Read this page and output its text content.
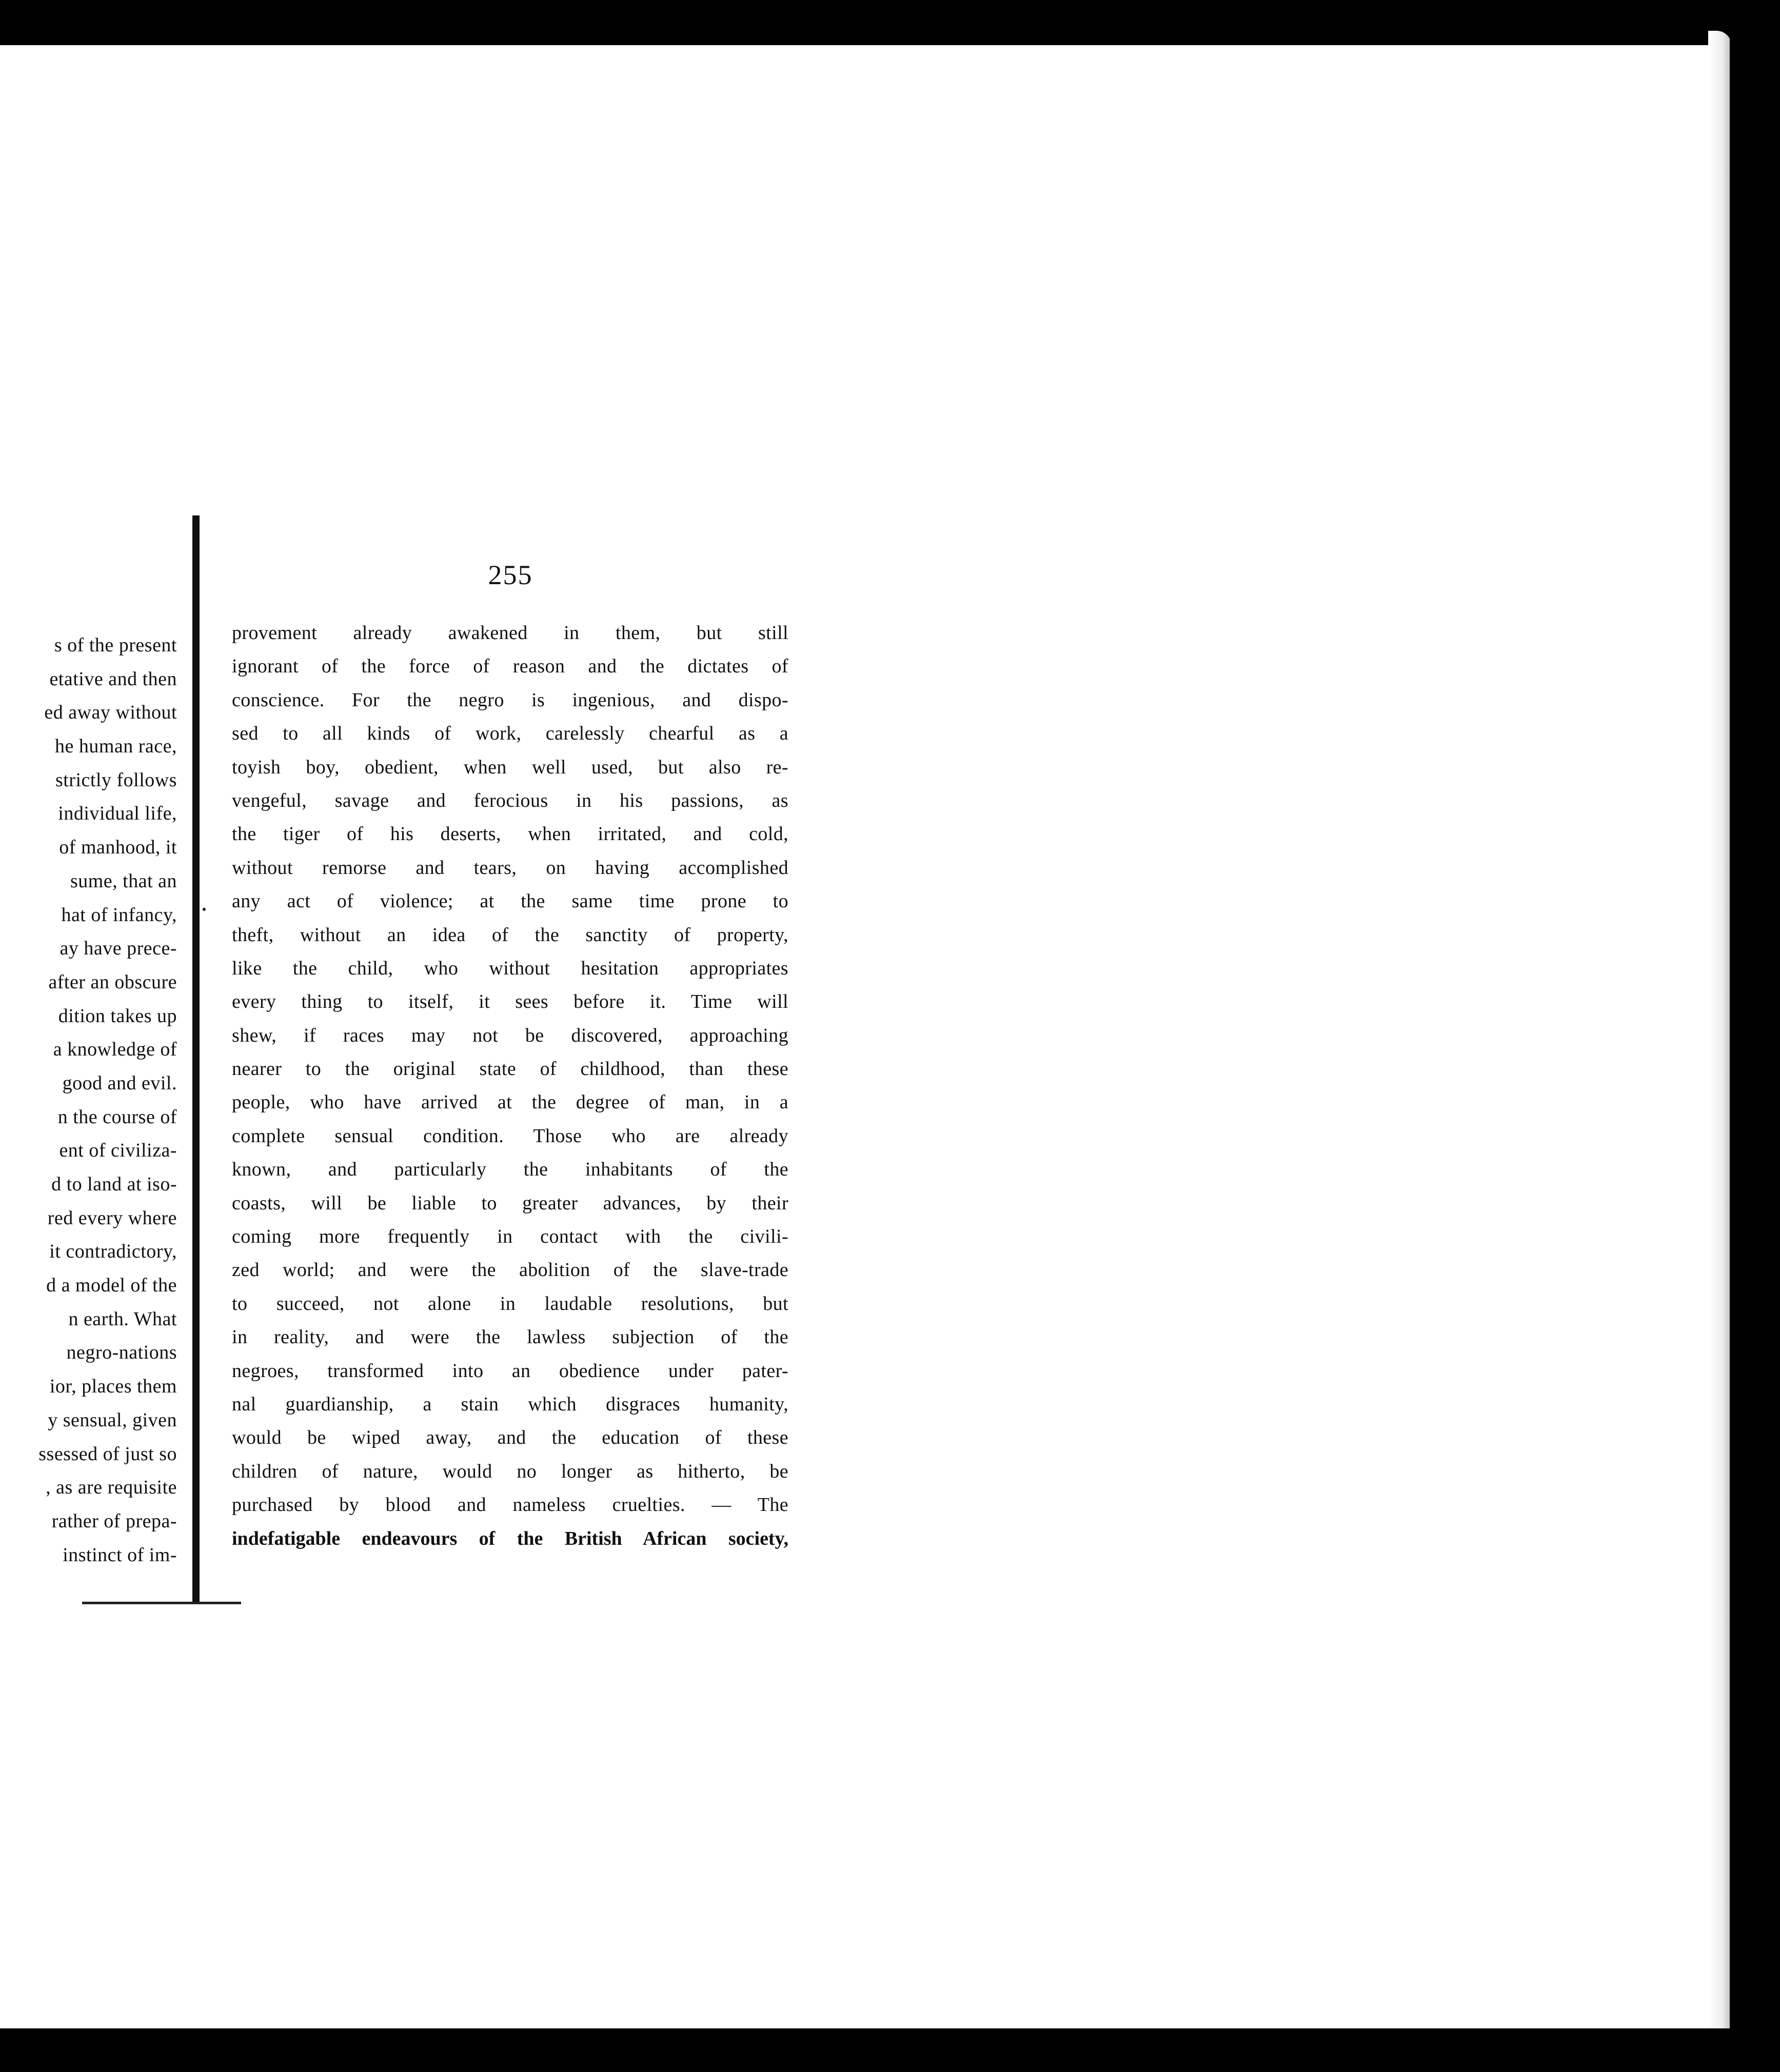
s of the present
etative and then
ed away without
he human race,
strictly follows
individual life,
of manhood, it
sume, that an
hat of infancy,
ay have prece-
after an obscure
dition takes up
a knowledge of
good and evil.
n the course of
ent of civiliza-
d to land at iso-
red every where
it contradictory,
d a model of the
n earth. What
negro-nations
ior, places them
y sensual, given
ssessed of just so
, as are requisite
rather of prepa-
instinct of im-
255
provement already awakened in them, but still
ignorant of the force of reason and the dictates of
conscience. For the negro is ingenious, and dispo-
sed to all kinds of work, carelessly chearful as a
toyish boy, obedient, when well used, but also re-
vengeful, savage and ferocious in his passions, as
the tiger of his deserts, when irritated, and cold,
without remorse and tears, on having accomplished
any act of violence; at the same time prone to
theft, without an idea of the sanctity of property,
like the child, who without hesitation appropriates
every thing to itself, it sees before it. Time will
shew, if races may not be discovered, approaching
nearer to the original state of childhood, than these
people, who have arrived at the degree of man, in a
complete sensual condition. Those who are already
known, and particularly the inhabitants of the
coasts, will be liable to greater advances, by their
coming more frequently in contact with the civili-
zed world; and were the abolition of the slave-trade
to succeed, not alone in laudable resolutions, but
in reality, and were the lawless subjection of the
negroes, transformed into an obedience under pater-
nal guardianship, a stain which disgraces humanity,
would be wiped away, and the education of these
children of nature, would no longer as hitherto, be
purchased by blood and nameless cruelties. — The
indefatigable endeavours of the British African society,
